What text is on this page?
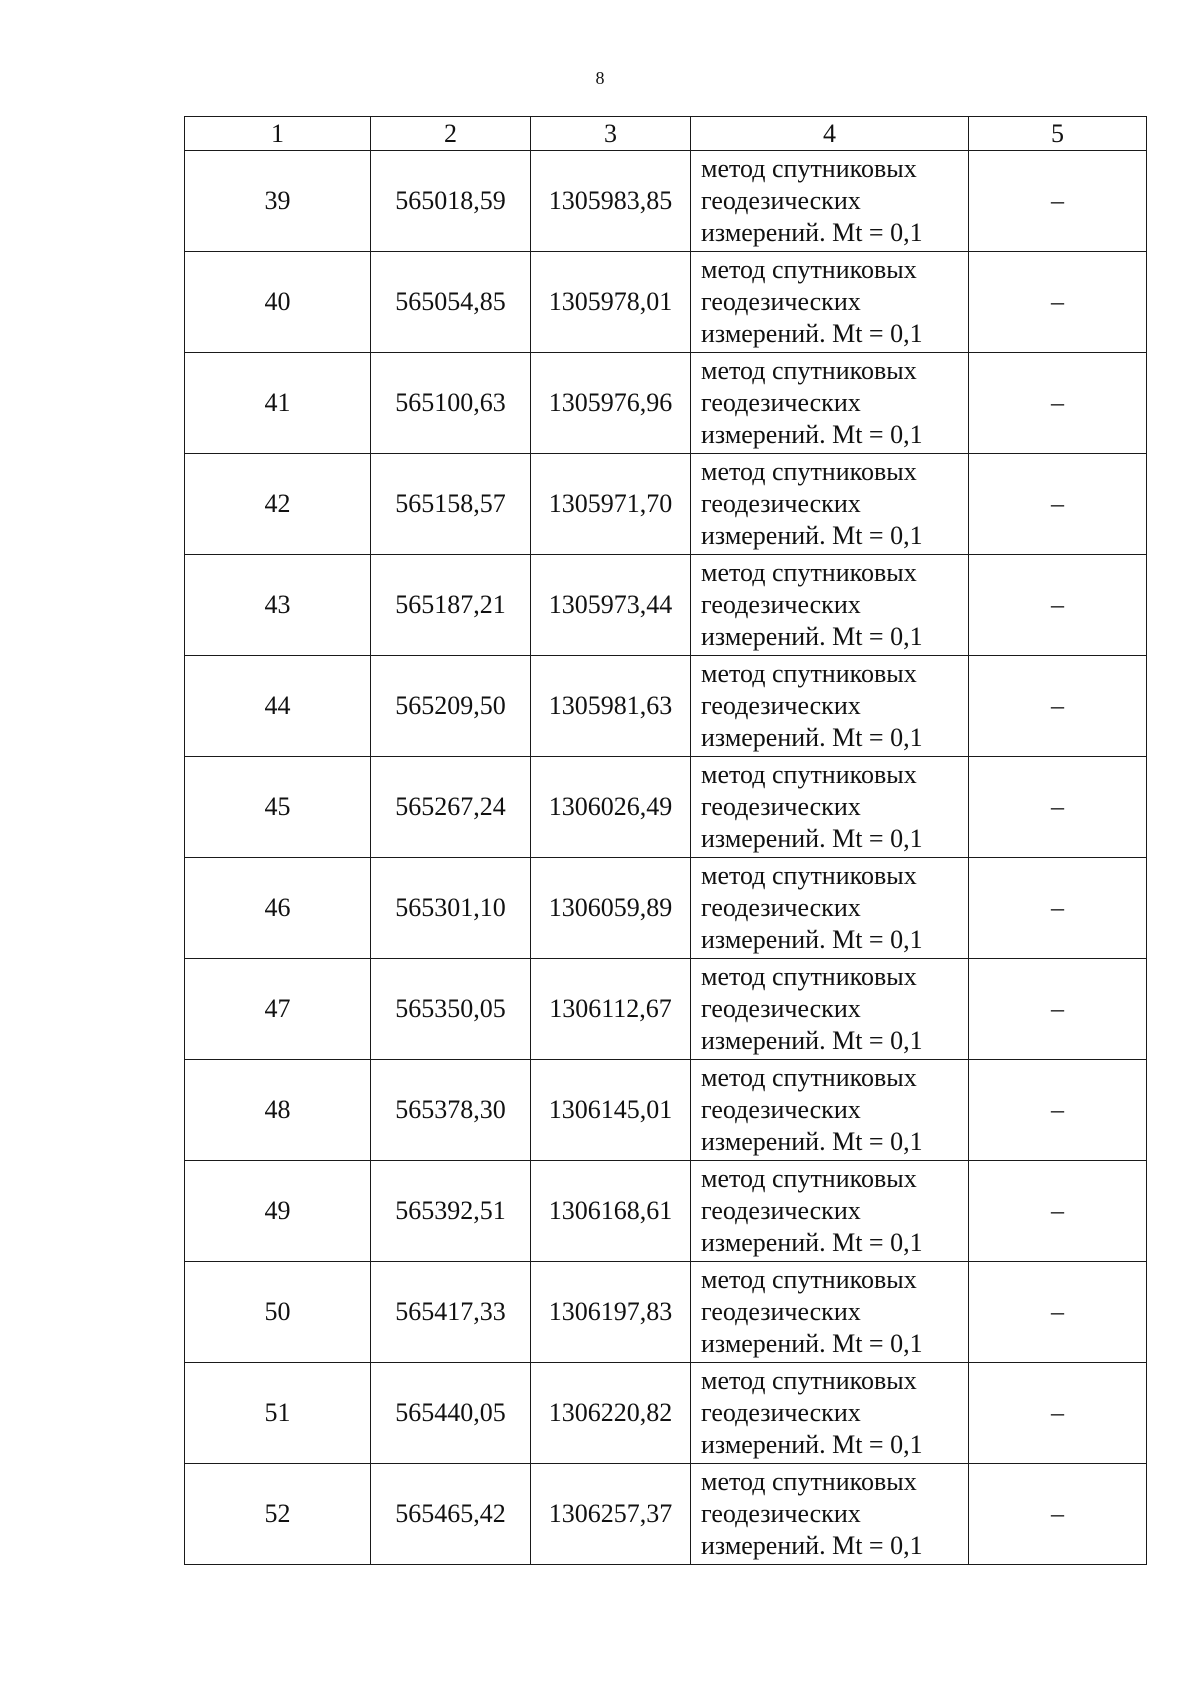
8
1	2	3	4	5
39	565018,59	1305983,85	метод спутниковых
геодезических
измерений. Mt = 0,1	–
40	565054,85	1305978,01	метод спутниковых
геодезических
измерений. Mt = 0,1	–
41	565100,63	1305976,96	метод спутниковых
геодезических
измерений. Mt = 0,1	–
42	565158,57	1305971,70	метод спутниковых
геодезических
измерений. Mt = 0,1	–
43	565187,21	1305973,44	метод спутниковых
геодезических
измерений. Mt = 0,1	–
44	565209,50	1305981,63	метод спутниковых
геодезических
измерений. Mt = 0,1	–
45	565267,24	1306026,49	метод спутниковых
геодезических
измерений. Mt = 0,1	–
46	565301,10	1306059,89	метод спутниковых
геодезических
измерений. Mt = 0,1	–
47	565350,05	1306112,67	метод спутниковых
геодезических
измерений. Mt = 0,1	–
48	565378,30	1306145,01	метод спутниковых
геодезических
измерений. Mt = 0,1	–
49	565392,51	1306168,61	метод спутниковых
геодезических
измерений. Mt = 0,1	–
50	565417,33	1306197,83	метод спутниковых
геодезических
измерений. Mt = 0,1	–
51	565440,05	1306220,82	метод спутниковых
геодезических
измерений. Mt = 0,1	–
52	565465,42	1306257,37	метод спутниковых
геодезических
измерений. Mt = 0,1	–
